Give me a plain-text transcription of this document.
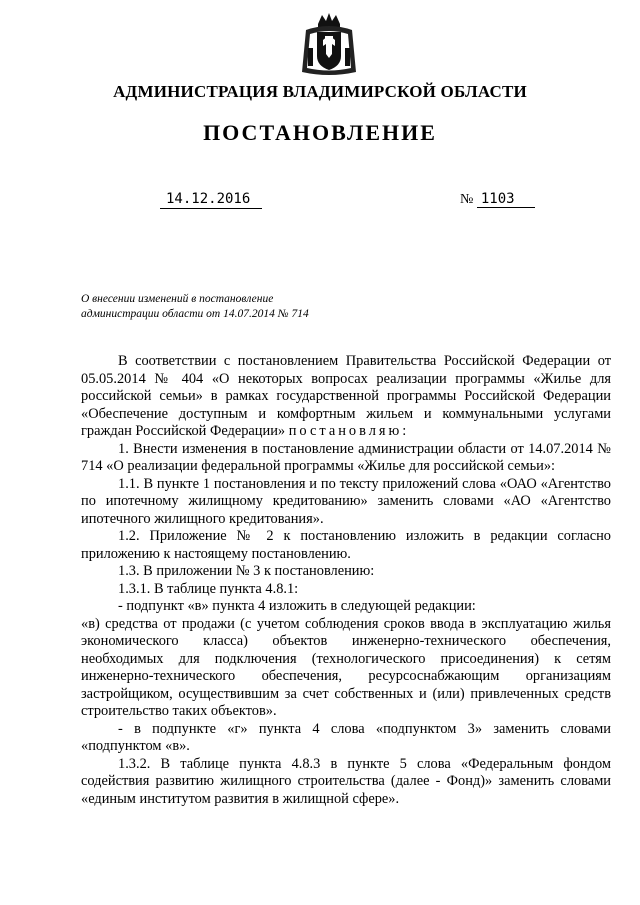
АДМИНИСТРАЦИЯ ВЛАДИМИРСКОЙ ОБЛАСТИ
ПОСТАНОВЛЕНИЕ
14.12.2016	№ 1103
О внесении изменений в постановление
администрации области от 14.07.2014 № 714

В соответствии с постановлением Правительства Российской Федерации от 05.05.2014 № 404 «О некоторых вопросах реализации программы «Жилье для российской семьи» в рамках государственной программы Российской Федерации «Обеспечение доступным и комфортным жильем и коммунальными услугами граждан Российской Федерации» постановляю:

1. Внести изменения в постановление администрации области от 14.07.2014 № 714 «О реализации федеральной программы «Жилье для российской семьи»:

1.1. В пункте 1 постановления и по тексту приложений слова «ОАО «Агентство по ипотечному жилищному кредитованию» заменить словами «АО «Агентство ипотечного жилищного кредитования».

1.2. Приложение № 2 к постановлению изложить в редакции согласно приложению к настоящему постановлению.

1.3. В приложении № 3 к постановлению:

1.3.1. В таблице пункта 4.8.1:

- подпункт «в» пункта 4 изложить в следующей редакции:

«в) средства от продажи (с учетом соблюдения сроков ввода в эксплуатацию жилья экономического класса) объектов инженерно-технического обеспечения, необходимых для подключения (технологического присоединения) к сетям инженерно-технического обеспечения, ресурсоснабжающим организациям застройщиком, осуществившим за счет собственных и (или) привлеченных средств строительство таких объектов».

- в подпункте «г» пункта 4 слова «подпунктом 3» заменить словами «подпунктом «в».

1.3.2. В таблице пункта 4.8.3 в пункте 5 слова «Федеральным фондом содействия развитию жилищного строительства (далее - Фонд)» заменить словами «единым институтом развития в жилищной сфере».
